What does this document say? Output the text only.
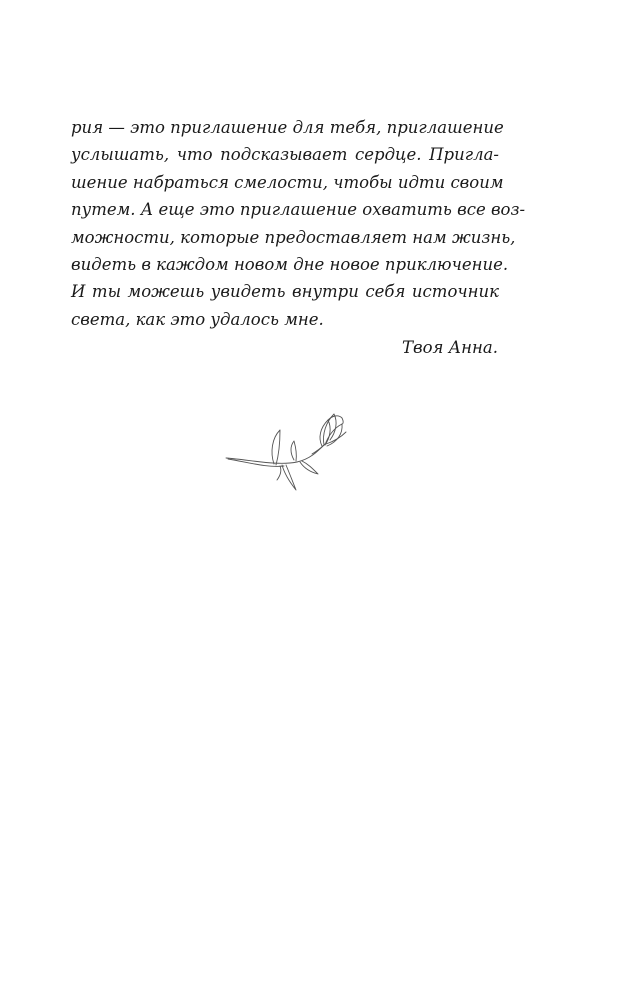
рия — это приглашение для тебя, приглашение
услышать, что подсказывает сердце. Пригла-
шение набраться смелости, чтобы идти своим
путем. А еще это приглашение охватить все воз-
можности, которые предоставляет нам жизнь,
видеть в каждом новом дне новое приключение.
И ты можешь увидеть внутри себя источник
света, как это удалось мне.
Твоя Анна.
